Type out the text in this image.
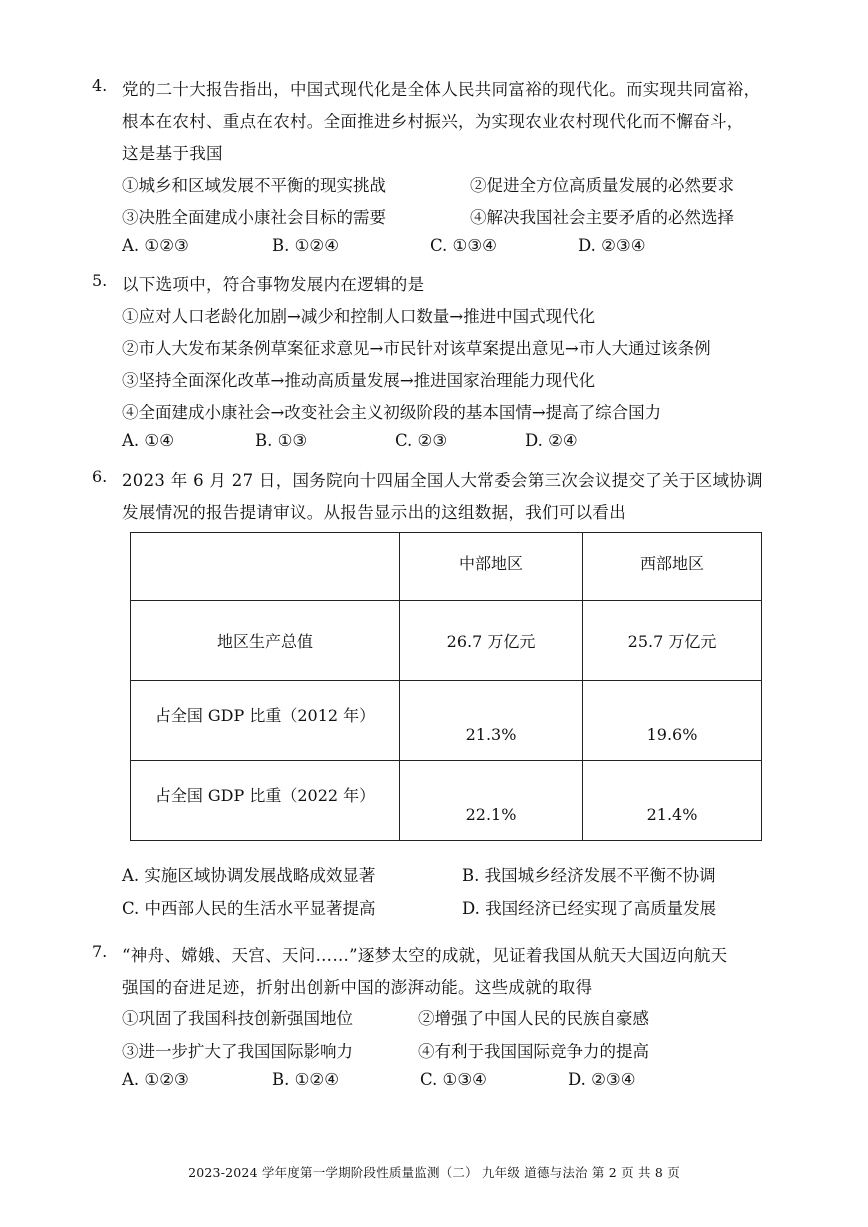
4. 党的二十大报告指出，中国式现代化是全体人民共同富裕的现代化。而实现共同富裕，
根本在农村、重点在农村。全面推进乡村振兴，为实现农业农村现代化而不懈奋斗，
这是基于我国
①城乡和区域发展不平衡的现实挑战	②促进全方位高质量发展的必然要求
③决胜全面建成小康社会目标的需要	④解决我国社会主要矛盾的必然选择
A. ①②③	B. ①②④	C. ①③④	D. ②③④
5. 以下选项中，符合事物发展内在逻辑的是
①应对人口老龄化加剧→减少和控制人口数量→推进中国式现代化
②市人大发布某条例草案征求意见→市民针对该草案提出意见→市人大通过该条例
③坚持全面深化改革→推动高质量发展→推进国家治理能力现代化
④全面建成小康社会→改变社会主义初级阶段的基本国情→提高了综合国力
A. ①④	B. ①③	C. ②③	D. ②④
6. 2023 年 6 月 27 日，国务院向十四届全国人大常委会第三次会议提交了关于区域协调
发展情况的报告提请审议。从报告显示出的这组数据，我们可以看出
	中部地区	西部地区
地区生产总值	26.7 万亿元	25.7 万亿元
占全国 GDP 比重（2012 年）	21.3%	19.6%
占全国 GDP 比重（2022 年）	22.1%	21.4%
A. 实施区域协调发展战略成效显著	B. 我国城乡经济发展不平衡不协调
C. 中西部人民的生活水平显著提高	D. 我国经济已经实现了高质量发展
7. “神舟、嫦娥、天宫、天问……”逐梦太空的成就，见证着我国从航天大国迈向航天
强国的奋进足迹，折射出创新中国的澎湃动能。这些成就的取得
①巩固了我国科技创新强国地位	②增强了中国人民的民族自豪感
③进一步扩大了我国国际影响力	④有利于我国国际竞争力的提高
A. ①②③	B. ①②④	C. ①③④	D. ②③④
2023-2024 学年度第一学期阶段性质量监测（二） 九年级 道德与法治 第 2 页 共 8 页
